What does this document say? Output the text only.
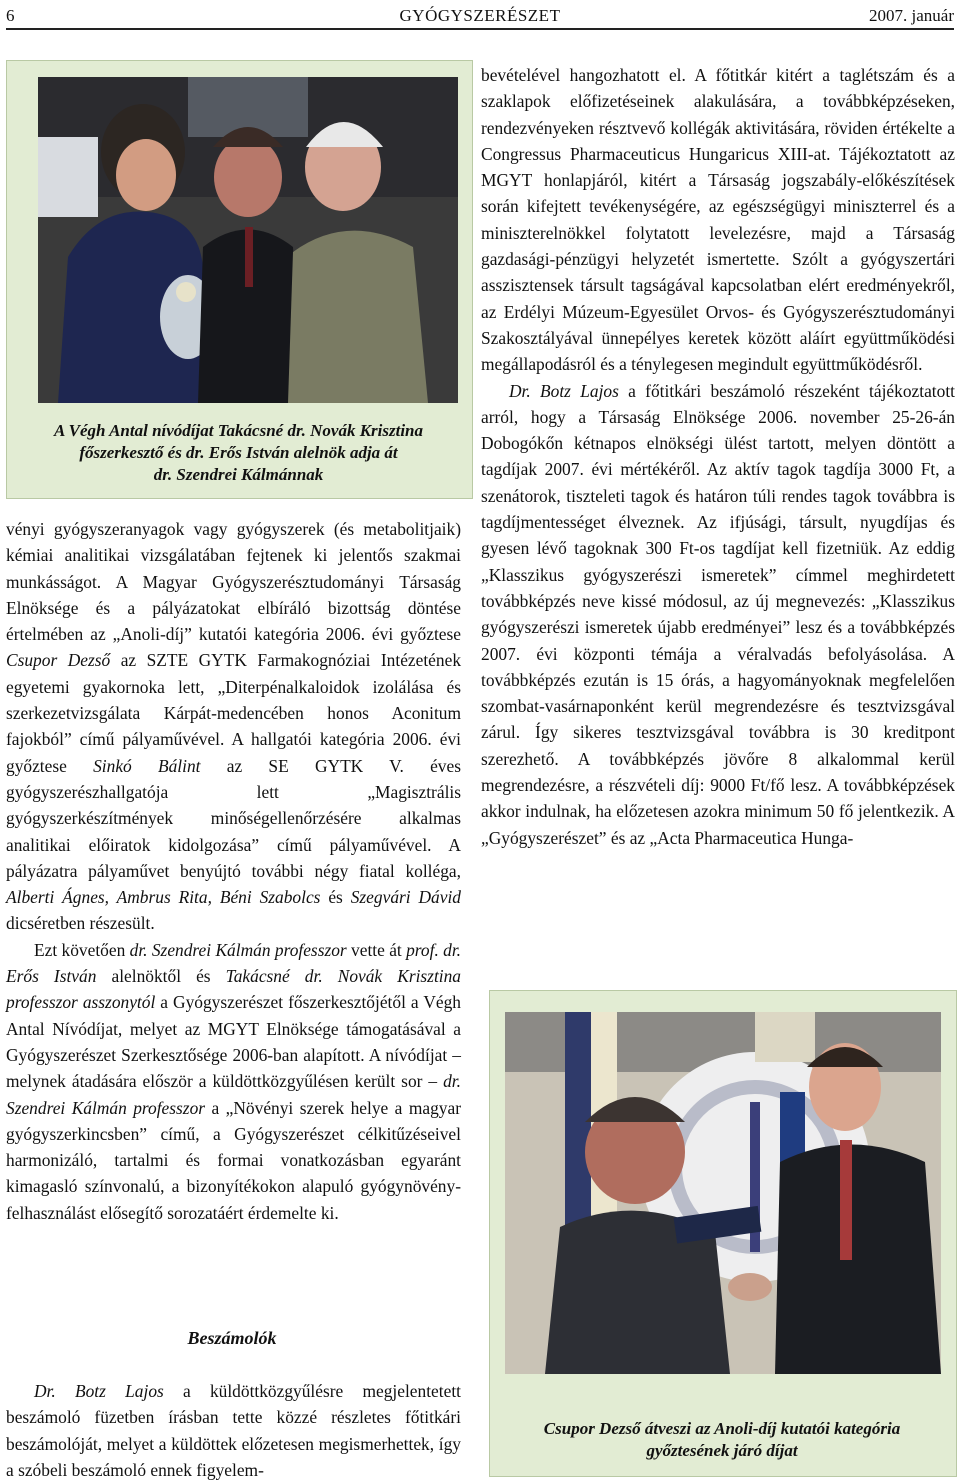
6	GYÓGYSZERÉSZET	2007. január
A Végh Antal nívódíjat Takácsné dr. Novák Krisztina
főszerkesztő és dr. Erős István alelnök adja át
dr. Szendrei Kálmánnak

vényi gyógyszeranyagok vagy gyógyszerek (és metabolitjaik) kémiai analitikai vizsgálatában fejtenek ki jelentős szakmai munkásságot. A Magyar Gyógyszerésztudományi Társaság Elnöksége és a pályázatokat elbíráló bizottság döntése értelmében az „Anoli-díj” kutatói kategória 2006. évi győztese Csupor Dezső az SZTE GYTK Farmakognóziai Intézetének egyetemi gyakornoka lett, „Diterpénalkaloidok izolálása és szerkezetvizsgálata Kárpát-medencében honos Aconitum fajokból” című pályaművével. A hallgatói kategória 2006. évi győztese Sinkó Bálint az SE GYTK V. éves gyógyszerészhallgatója lett „Magisztrális gyógyszerkészítmények minőségellenőrzésére alkalmas analitikai előiratok kidolgozása” című pályaművével. A pályázatra pályaművet benyújtó további négy fiatal kolléga, Alberti Ágnes, Ambrus Rita, Béni Szabolcs és Szegvári Dávid dicséretben részesült.

Ezt követően dr. Szendrei Kálmán professzor vette át prof. dr. Erős István alelnöktől és Takácsné dr. Novák Krisztina professzor asszonytól a Gyógyszerészet főszerkesztőjétől a Végh Antal Nívódíjat, melyet az MGYT Elnöksége támogatásával a Gyógyszerészet Szerkesztősége 2006-ban alapított. A nívódíjat – melynek átadására először a küldöttközgyűlésen került sor – dr. Szendrei Kálmán professzor a „Növényi szerek helye a magyar gyógyszerkincsben” című, a Gyógyszerészet célkitűzéseivel harmonizáló, tartalmi és formai vonatkozásban egyaránt kimagasló színvonalú, a bizonyítékokon alapuló gyógynövény-felhasználást elősegítő sorozatáért érdemelte ki.

Beszámolók

Dr. Botz Lajos a küldöttközgyűlésre megjelentetett beszámoló füzetben írásban tette közzé részletes főtitkári beszámolóját, melyet a küldöttek előzetesen megismerhettek, így a szóbeli beszámoló ennek figyelem-

bevételével hangozhatott el. A főtitkár kitért a taglétszám és a szaklapok előfizetéseinek alakulására, a továbbképzéseken, rendezvényeken résztvevő kollégák aktivitására, röviden értékelte a Congressus Pharmaceuticus Hungaricus XIII-at. Tájékoztatott az MGYT honlapjáról, kitért a Társaság jogszabály-előkészítések során kifejtett tevékenységére, az egészségügyi miniszterrel és a miniszterelnökkel folytatott levelezésre, majd a Társaság gazdasági-pénzügyi helyzetét ismertette. Szólt a gyógyszertári asszisztensek társult tagságával kapcsolatban elért eredményekről, az Erdélyi Múzeum-Egyesület Orvos- és Gyógyszerésztudományi Szakosztályával ünnepélyes keretek között aláírt együttműködési megállapodásról és a ténylegesen megindult együttműködésről.

Dr. Botz Lajos a főtitkári beszámoló részeként tájékoztatott arról, hogy a Társaság Elnöksége 2006. november 25-26-án Dobogókőn kétnapos elnökségi ülést tartott, melyen döntött a tagdíjak 2007. évi mértékéről. Az aktív tagok tagdíja 3000 Ft, a szenátorok, tiszteleti tagok és határon túli rendes tagok továbbra is tagdíjmentességet élveznek. Az ifjúsági, társult, nyugdíjas és gyesen lévő tagoknak 300 Ft-os tagdíjat kell fizetniük. Az eddig „Klasszikus gyógyszerészi ismeretek” címmel meghirdetett továbbképzés neve kissé módosul, az új megnevezés: „Klasszikus gyógyszerészi ismeretek újabb eredményei” lesz és a továbbképzés 2007. évi központi témája a véralvadás befolyásolása. A továbbképzés ezután is 15 órás, a hagyományoknak megfelelően szombat-vasárnaponként kerül megrendezésre és tesztvizsgával zárul. Így sikeres tesztvizsgával továbbra is 30 kreditpont szerezhető. A továbbképzés jövőre 8 alkalommal kerül megrendezésre, a részvételi díj: 9000 Ft/fő lesz. A továbbképzések akkor indulnak, ha előzetesen azokra minimum 50 fő jelentkezik. A „Gyógyszerészet” és az „Acta Pharmaceutica Hunga-

Csupor Dezső átveszi az Anoli-díj kutatói kategória
győztesének járó díjat
